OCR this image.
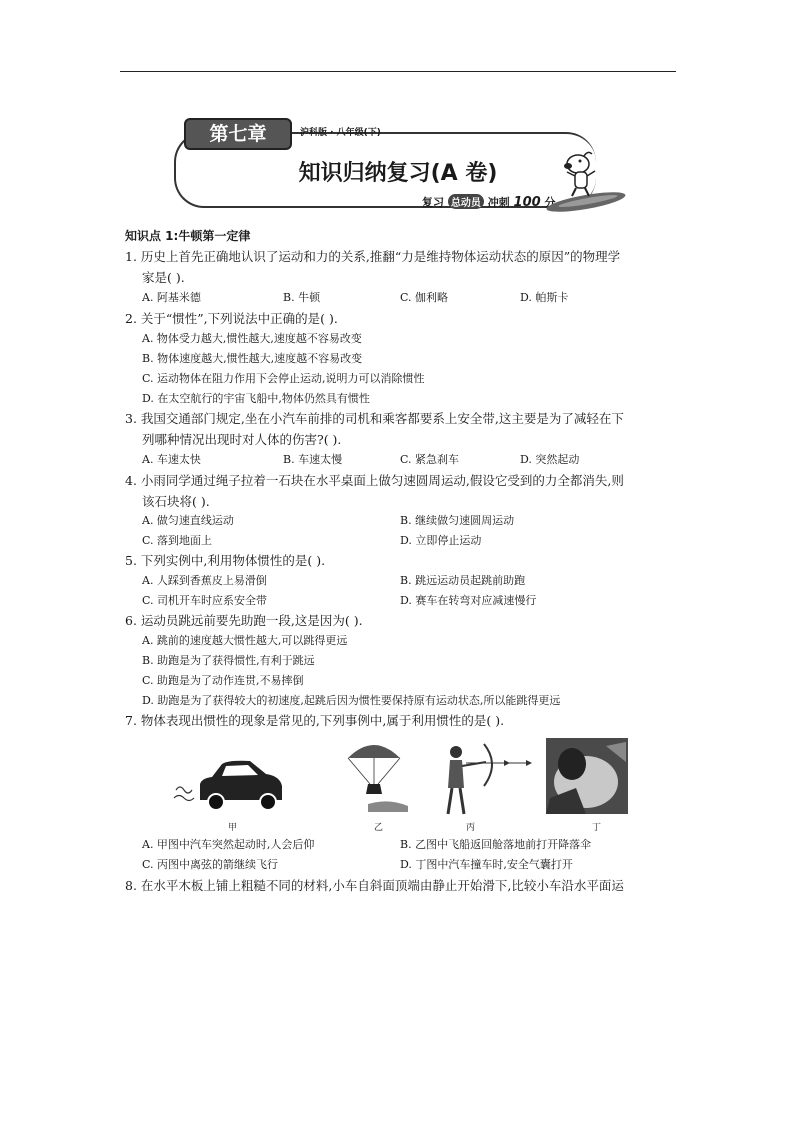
第七章	沪科版 · 八年级(下)
知识归纳复习(A 卷)
复习 总动员 冲刺 100 分
知识点 1:牛顿第一定律
1. 历史上首先正确地认识了运动和力的关系,推翻“力是维持物体运动状态的原因”的物理学
家是( ).
A. 阿基米德	B. 牛顿	C. 伽利略	D. 帕斯卡
2. 关于“惯性”,下列说法中正确的是( ).
A. 物体受力越大,惯性越大,速度越不容易改变
B. 物体速度越大,惯性越大,速度越不容易改变
C. 运动物体在阻力作用下会停止运动,说明力可以消除惯性
D. 在太空航行的宇宙飞船中,物体仍然具有惯性
3. 我国交通部门规定,坐在小汽车前排的司机和乘客都要系上安全带,这主要是为了减轻在下
列哪种情况出现时对人体的伤害?( ).
A. 车速太快	B. 车速太慢	C. 紧急刹车	D. 突然起动
4. 小雨同学通过绳子拉着一石块在水平桌面上做匀速圆周运动,假设它受到的力全都消失,则
该石块将( ).
A. 做匀速直线运动	B. 继续做匀速圆周运动
C. 落到地面上	D. 立即停止运动
5. 下列实例中,利用物体惯性的是( ).
A. 人踩到香蕉皮上易滑倒	B. 跳远运动员起跳前助跑
C. 司机开车时应系安全带	D. 赛车在转弯对应减速慢行
6. 运动员跳远前要先助跑一段,这是因为( ).
A. 跳前的速度越大惯性越大,可以跳得更远
B. 助跑是为了获得惯性,有利于跳远
C. 助跑是为了动作连贯,不易摔倒
D. 助跑是为了获得较大的初速度,起跳后因为惯性要保持原有运动状态,所以能跳得更远
7. 物体表现出惯性的现象是常见的,下列事例中,属于利用惯性的是( ).
甲	乙	丙	丁
A. 甲图中汽车突然起动时,人会后仰	B. 乙图中飞船返回舱落地前打开降落伞
C. 丙图中离弦的箭继续飞行	D. 丁图中汽车撞车时,安全气囊打开
8. 在水平木板上铺上粗糙不同的材料,小车自斜面顶端由静止开始滑下,比较小车沿水平面运
